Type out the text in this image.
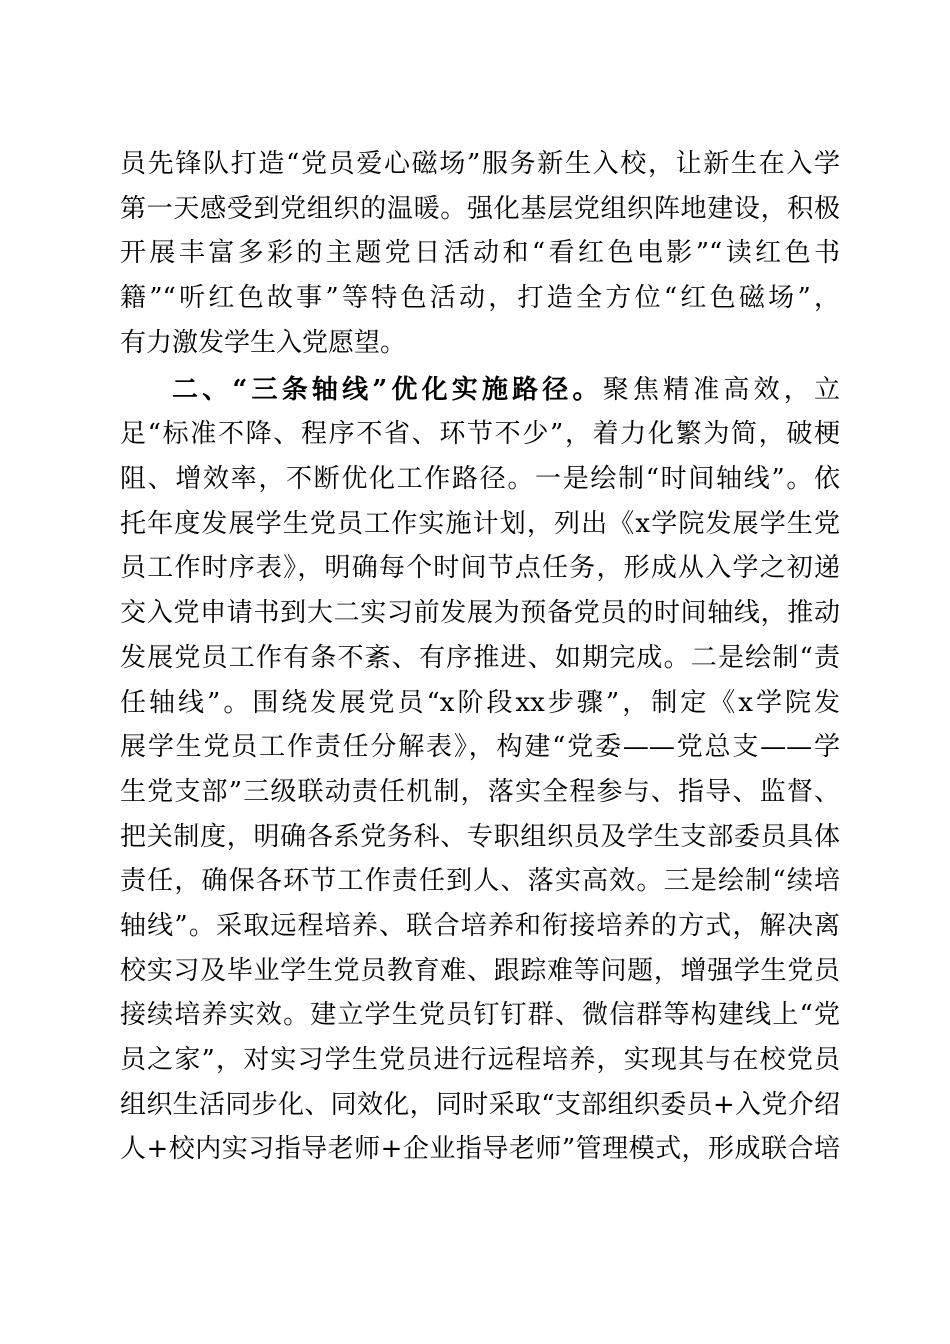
员先锋队打造“党员爱心磁场”服务新生入校，让新生在入学
第一天感受到党组织的温暖。强化基层党组织阵地建设，积极
开展丰富多彩的主题党日活动和“看红色电影”“读红色书
籍”“听红色故事”等特色活动，打造全方位“红色磁场”，
有力激发学生入党愿望。
二、“三条轴线”优化实施路径。聚焦精准高效，立
足“标准不降、程序不省、环节不少”，着力化繁为简，破梗
阻、增效率，不断优化工作路径。一是绘制“时间轴线”。依
托年度发展学生党员工作实施计划，列出《x学院发展学生党
员工作时序表》，明确每个时间节点任务，形成从入学之初递
交入党申请书到大二实习前发展为预备党员的时间轴线，推动
发展党员工作有条不紊、有序推进、如期完成。二是绘制“责
任轴线”。围绕发展党员“x阶段xx步骤”，制定《x学院发
展学生党员工作责任分解表》，构建“党委——党总支——学
生党支部”三级联动责任机制，落实全程参与、指导、监督、
把关制度，明确各系党务科、专职组织员及学生支部委员具体
责任，确保各环节工作责任到人、落实高效。三是绘制“续培
轴线”。采取远程培养、联合培养和衔接培养的方式，解决离
校实习及毕业学生党员教育难、跟踪难等问题，增强学生党员
接续培养实效。建立学生党员钉钉群、微信群等构建线上“党
员之家”，对实习学生党员进行远程培养，实现其与在校党员
组织生活同步化、同效化，同时采取“支部组织委员+入党介绍
人+校内实习指导老师+企业指导老师”管理模式，形成联合培
